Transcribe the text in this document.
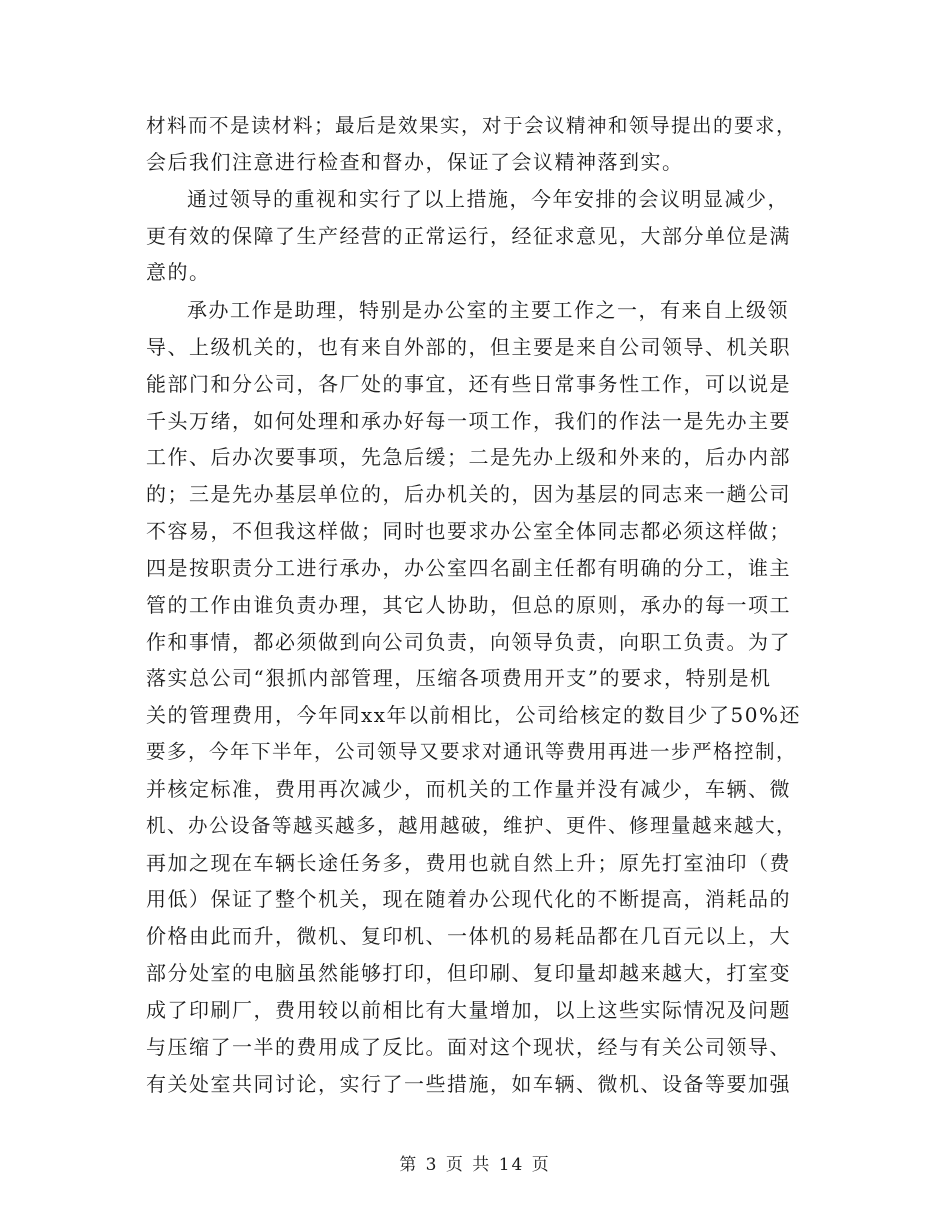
材料而不是读材料；最后是效果实，对于会议精神和领导提出的要求，
会后我们注意进行检查和督办，保证了会议精神落到实。
通过领导的重视和实行了以上措施，今年安排的会议明显减少，
更有效的保障了生产经营的正常运行，经征求意见，大部分单位是满
意的。
承办工作是助理，特别是办公室的主要工作之一，有来自上级领
导、上级机关的，也有来自外部的，但主要是来自公司领导、机关职
能部门和分公司，各厂处的事宜，还有些日常事务性工作，可以说是
千头万绪，如何处理和承办好每一项工作，我们的作法一是先办主要
工作、后办次要事项，先急后缓；二是先办上级和外来的，后办内部
的；三是先办基层单位的，后办机关的，因为基层的同志来一趟公司
不容易，不但我这样做；同时也要求办公室全体同志都必须这样做；
四是按职责分工进行承办，办公室四名副主任都有明确的分工，谁主
管的工作由谁负责办理，其它人协助，但总的原则，承办的每一项工
作和事情，都必须做到向公司负责，向领导负责，向职工负责。为了
落实总公司“狠抓内部管理，压缩各项费用开支”的要求，特别是机
关的管理费用，今年同xx年以前相比，公司给核定的数目少了50%还
要多，今年下半年，公司领导又要求对通讯等费用再进一步严格控制，
并核定标准，费用再次减少，而机关的工作量并没有减少，车辆、微
机、办公设备等越买越多，越用越破，维护、更件、修理量越来越大，
再加之现在车辆长途任务多，费用也就自然上升；原先打室油印（费
用低）保证了整个机关，现在随着办公现代化的不断提高，消耗品的
价格由此而升，微机、复印机、一体机的易耗品都在几百元以上，大
部分处室的电脑虽然能够打印，但印刷、复印量却越来越大，打室变
成了印刷厂，费用较以前相比有大量增加，以上这些实际情况及问题
与压缩了一半的费用成了反比。面对这个现状，经与有关公司领导、
有关处室共同讨论，实行了一些措施，如车辆、微机、设备等要加强
第 3 页 共 14 页
